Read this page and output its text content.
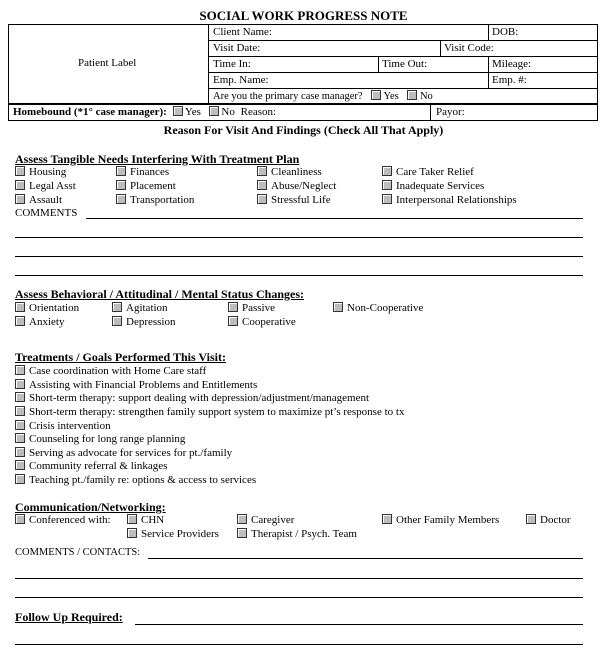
SOCIAL WORK PROGRESS NOTE
Patient Label
Client Name:	DOB:
Visit Date:	Visit Code:
Time In:	Time Out:	Mileage:
Emp. Name:	Emp. #:
Are you the primary case manager? Yes No
Homebound (*1° case manager): Yes No Reason:	Payor:
Reason For Visit And Findings (Check All That Apply)
Assess Tangible Needs Interfering With Treatment Plan
Housing
Legal Asst
Assault
Finances
Placement
Transportation
Cleanliness
Abuse/Neglect
Stressful Life
Care Taker Relief
Inadequate Services
Interpersonal Relationships
COMMENTS
Assess Behavioral / Attitudinal / Mental Status Changes:
Orientation
Anxiety
Agitation
Depression
Passive
Cooperative
Non-Cooperative
Treatments / Goals Performed This Visit:
Case coordination with Home Care staff
Assisting with Financial Problems and Entitlements
Short-term therapy: support dealing with depression/adjustment/management
Short-term therapy: strengthen family support system to maximize pt’s response to tx
Crisis intervention
Counseling for long range planning
Serving as advocate for services for pt./family
Community referral & linkages
Teaching pt./family re: options & access to services
Communication/Networking:
Conferenced with:	CHN
Service Providers
Caregiver
Therapist / Psych. Team
Other Family Members	Doctor
COMMENTS / CONTACTS:
Follow Up Required:
